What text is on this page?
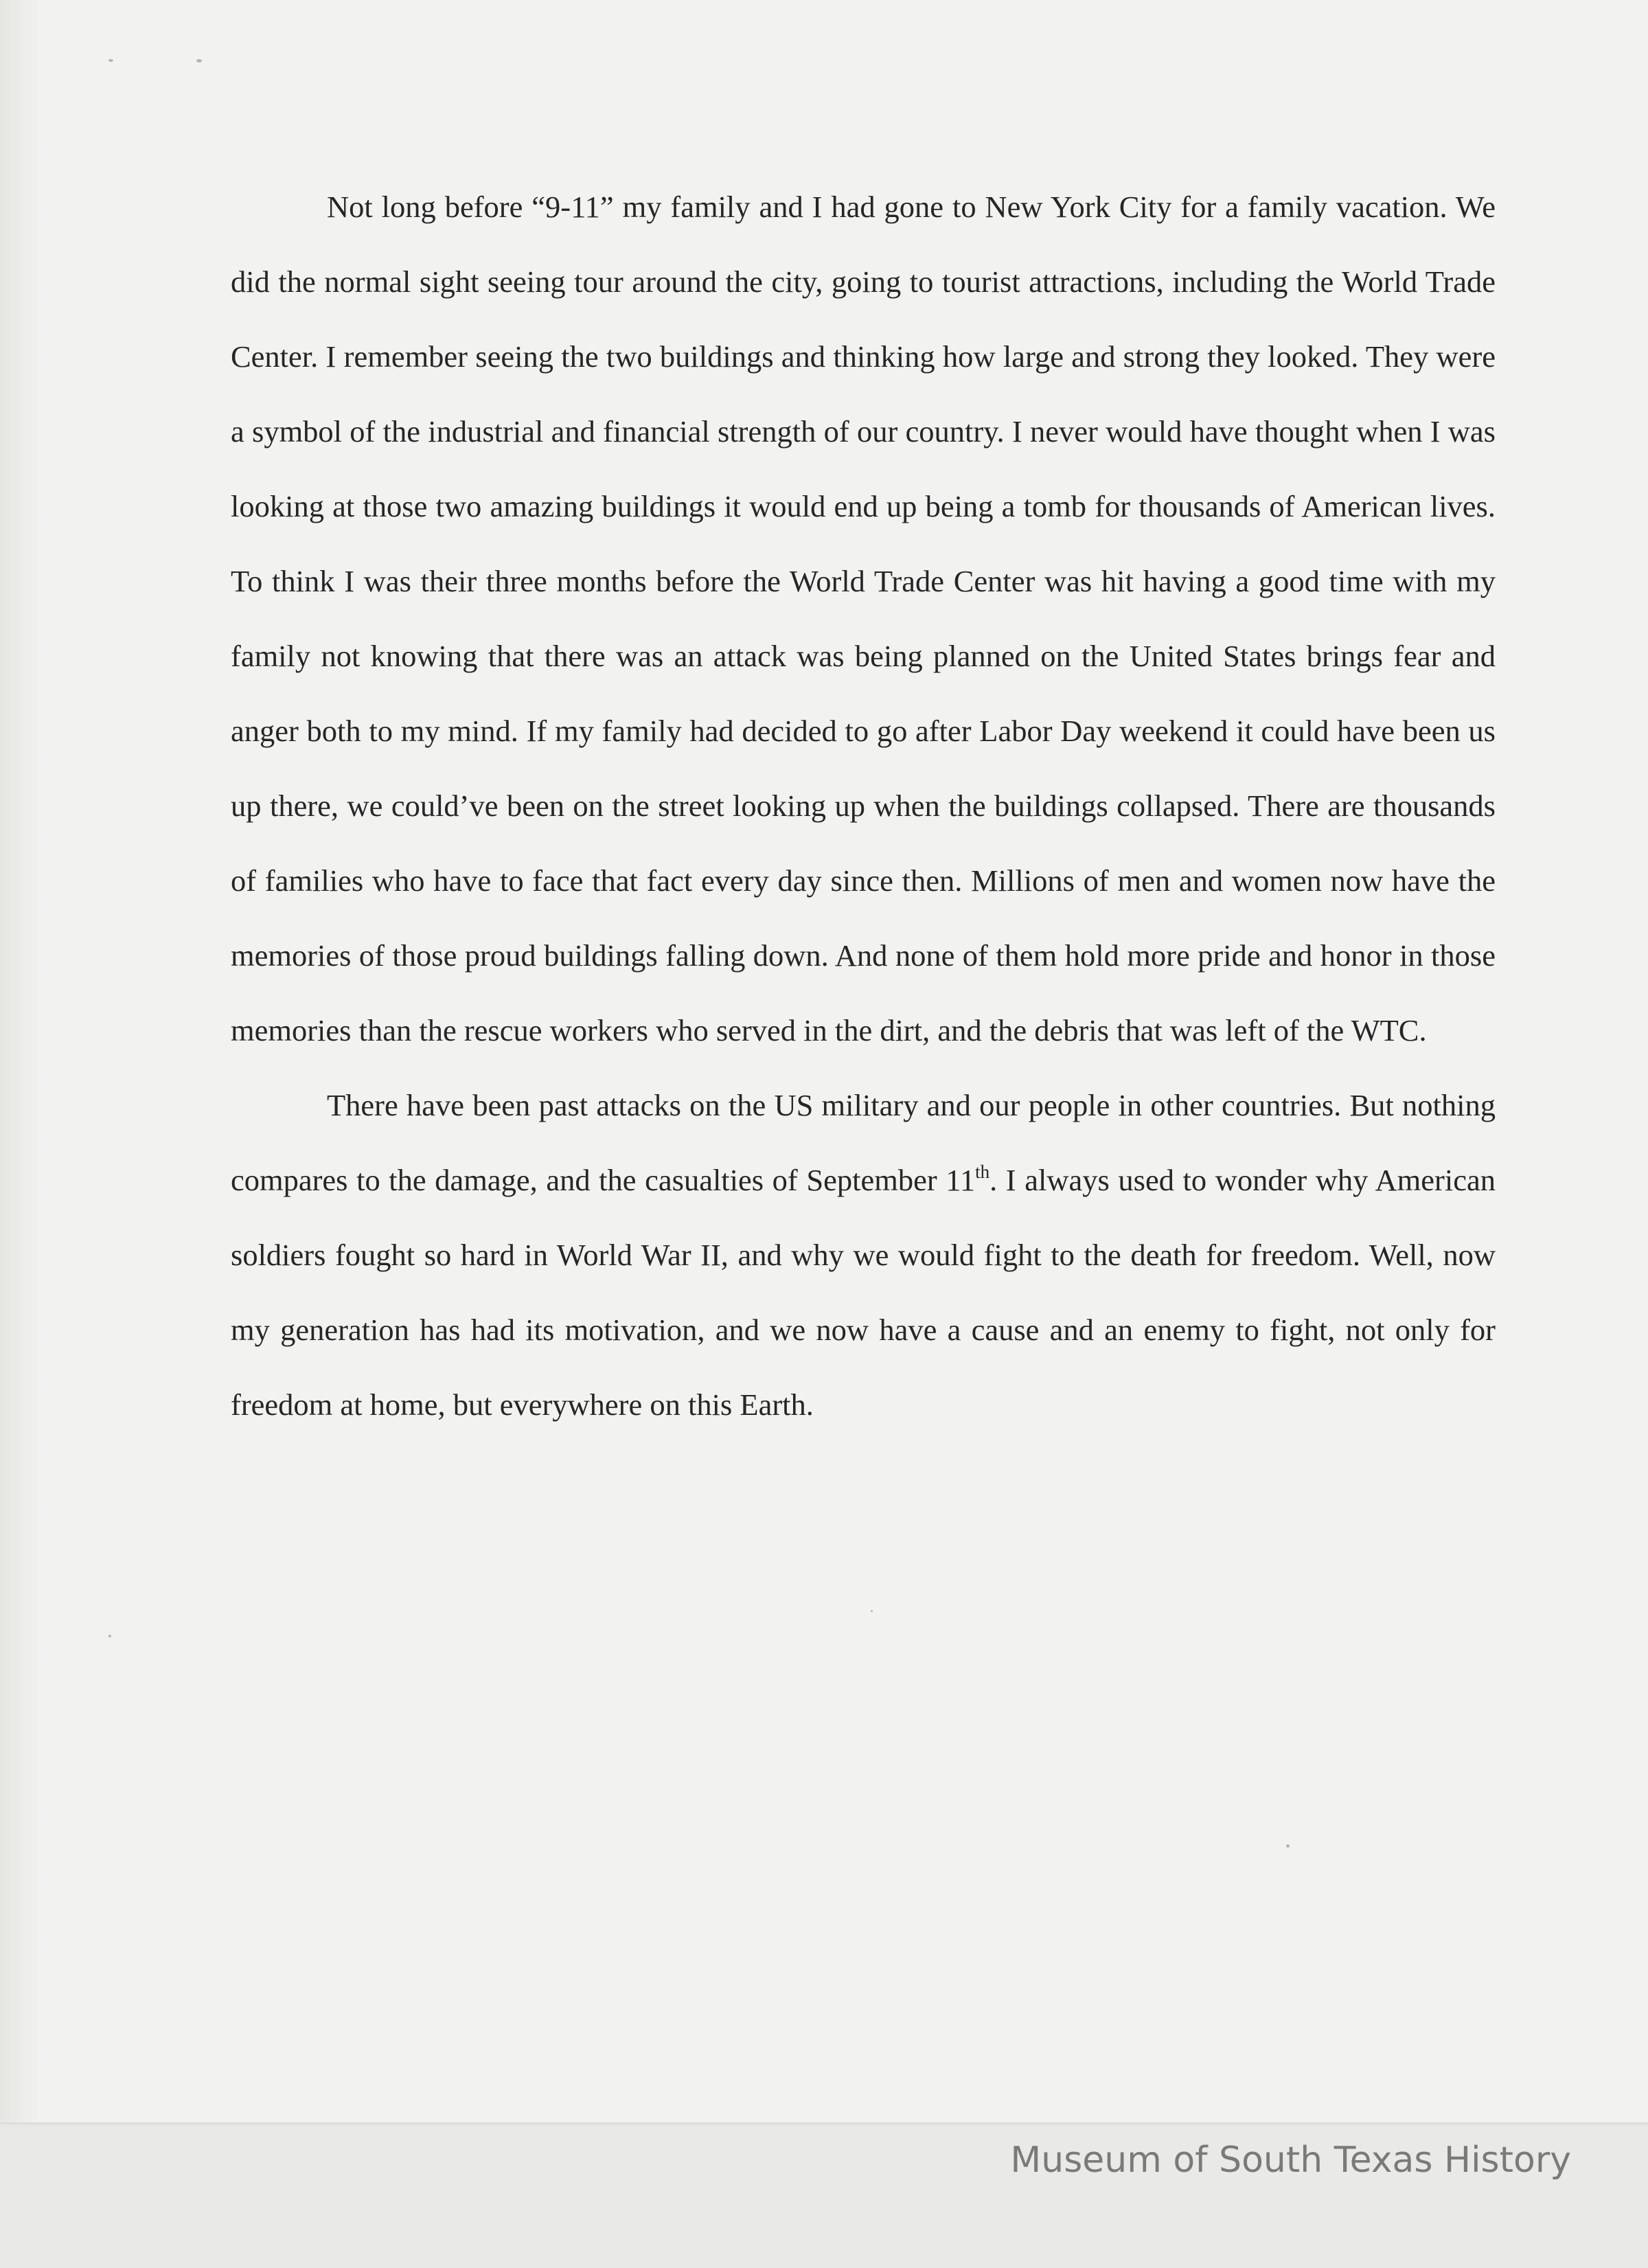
Not long before “9-11” my family and I had gone to New York City for a family vacation. We did the normal sight seeing tour around the city, going to tourist attractions, including the World Trade Center. I remember seeing the two buildings and thinking how large and strong they looked. They were a symbol of the industrial and financial strength of our country. I never would have thought when I was looking at those two amazing buildings it would end up being a tomb for thousands of American lives. To think I was their three months before the World Trade Center was hit having a good time with my family not knowing that there was an attack was being planned on the United States brings fear and anger both to my mind. If my family had decided to go after Labor Day weekend it could have been us up there, we could’ve been on the street looking up when the buildings collapsed. There are thousands of families who have to face that fact every day since then. Millions of men and women now have the memories of those proud buildings falling down. And none of them hold more pride and honor in those memories than the rescue workers who served in the dirt, and the debris that was left of the WTC.

There have been past attacks on the US military and our people in other countries. But nothing compares to the damage, and the casualties of September 11th. I always used to wonder why American soldiers fought so hard in World War II, and why we would fight to the death for freedom. Well, now my generation has had its motivation, and we now have a cause and an enemy to fight, not only for freedom at home, but everywhere on this Earth.

Museum of South Texas History
